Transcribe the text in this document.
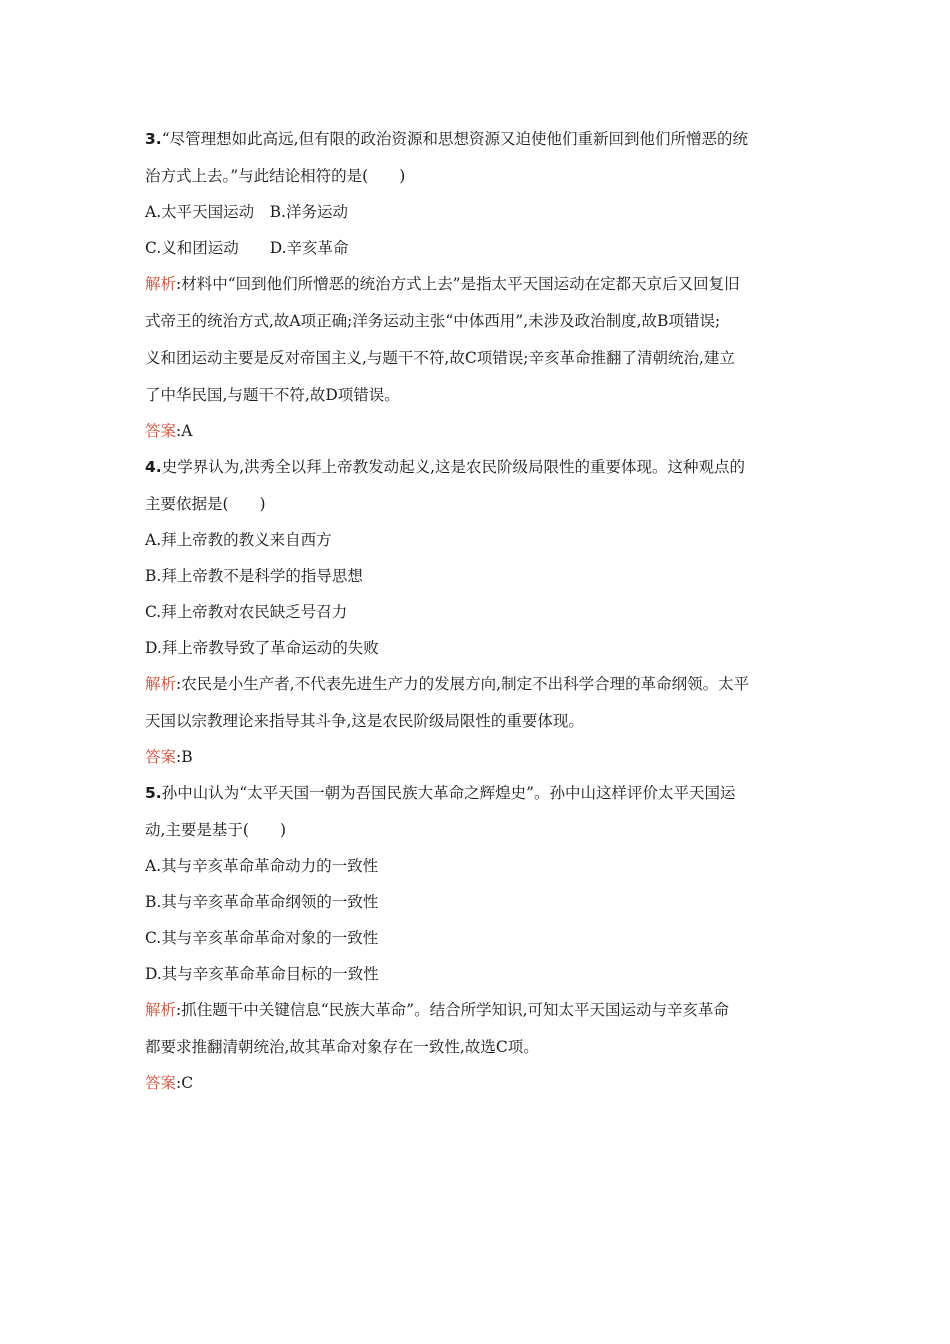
3.“尽管理想如此高远,但有限的政治资源和思想资源又迫使他们重新回到他们所憎恶的统

治方式上去。”与此结论相符的是(　　)

A.太平天国运动　B.洋务运动

C.义和团运动　　D.辛亥革命

解析:材料中“回到他们所憎恶的统治方式上去”是指太平天国运动在定都天京后又回复旧

式帝王的统治方式,故A项正确;洋务运动主张“中体西用”,未涉及政治制度,故B项错误;

义和团运动主要是反对帝国主义,与题干不符,故C项错误;辛亥革命推翻了清朝统治,建立

了中华民国,与题干不符,故D项错误。

答案:A

4.史学界认为,洪秀全以拜上帝教发动起义,这是农民阶级局限性的重要体现。这种观点的

主要依据是(　　)

A.拜上帝教的教义来自西方

B.拜上帝教不是科学的指导思想

C.拜上帝教对农民缺乏号召力

D.拜上帝教导致了革命运动的失败

解析:农民是小生产者,不代表先进生产力的发展方向,制定不出科学合理的革命纲领。太平

天国以宗教理论来指导其斗争,这是农民阶级局限性的重要体现。

答案:B

5.孙中山认为“太平天国一朝为吾国民族大革命之辉煌史”。孙中山这样评价太平天国运

动,主要是基于(　　)

A.其与辛亥革命革命动力的一致性

B.其与辛亥革命革命纲领的一致性

C.其与辛亥革命革命对象的一致性

D.其与辛亥革命革命目标的一致性

解析:抓住题干中关键信息“民族大革命”。结合所学知识,可知太平天国运动与辛亥革命

都要求推翻清朝统治,故其革命对象存在一致性,故选C项。

答案:C
